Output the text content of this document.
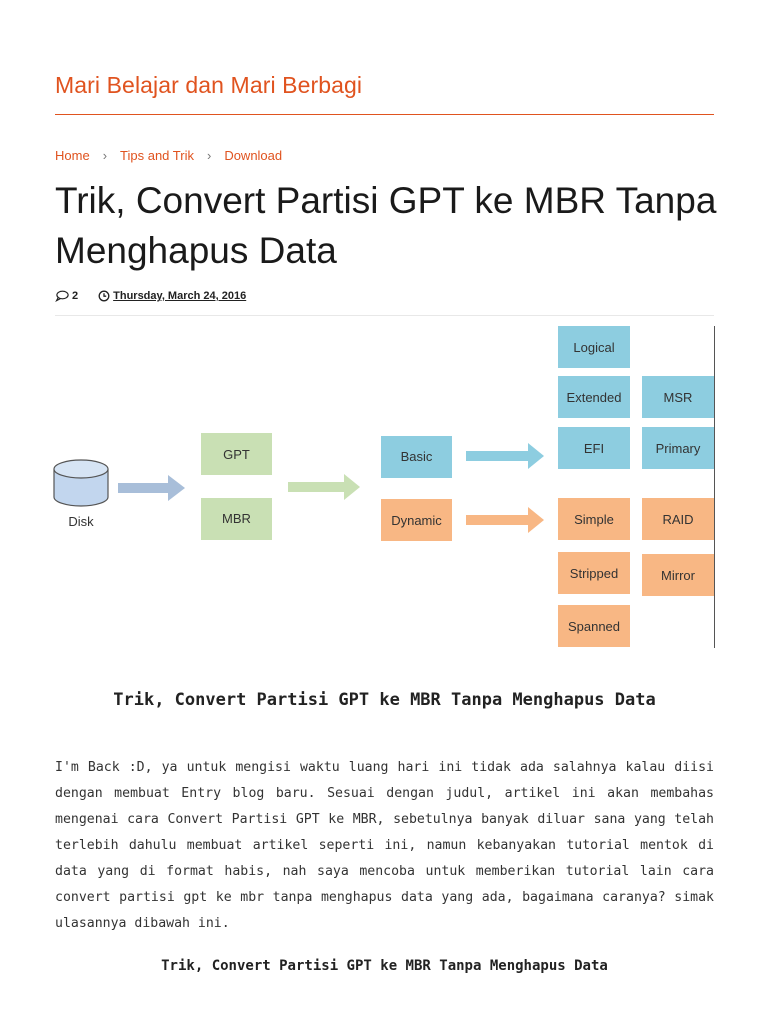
Mari Belajar dan Mari Berbagi
Home › Tips and Trik › Download
Trik, Convert Partisi GPT ke MBR Tanpa Menghapus Data
2	Thursday, March 24, 2016
Disk
GPT
MBR
Basic
Dynamic
Logical
Extended
EFI
Simple
Stripped
Spanned
MSR
Primary
RAID
Mirror
Trik, Convert Partisi GPT ke MBR Tanpa Menghapus Data

I'm Back :D, ya untuk mengisi waktu luang hari ini tidak ada salahnya kalau diisi dengan membuat Entry blog baru. Sesuai dengan judul, artikel ini akan membahas mengenai cara Convert Partisi GPT ke MBR, sebetulnya banyak diluar sana yang telah terlebih dahulu membuat artikel seperti ini, namun kebanyakan tutorial mentok di data yang di format habis, nah saya mencoba untuk memberikan tutorial lain cara convert partisi gpt ke mbr tanpa menghapus data yang ada, bagaimana caranya? simak ulasannya dibawah ini.

Trik, Convert Partisi GPT ke MBR Tanpa Menghapus Data
